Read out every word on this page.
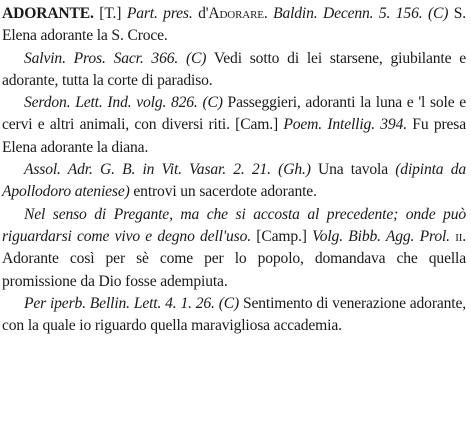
ADORANTE. [T.] Part. pres. d'Adorare. Baldin. Decenn. 5. 156. (C) S. Elena adorante la S. Croce.

Salvin. Pros. Sacr. 366. (C) Vedi sotto di lei starsene, giubilante e adorante, tutta la corte di paradiso.

Serdon. Lett. Ind. volg. 826. (C) Passeggieri, adoranti la luna e 'l sole e cervi e altri animali, con diversi riti. [Cam.] Poem. Intellig. 394. Fu presa Elena adorante la diana.

Assol. Adr. G. B. in Vit. Vasar. 2. 21. (Gh.) Una tavola (dipinta da Apollodoro ateniese) entrovi un sacerdote adorante.

Nel senso di Pregante, ma che si accosta al precedente; onde può riguardarsi come vivo e degno dell'uso. [Camp.] Volg. Bibb. Agg. Prol. ii. Adorante così per sè come per lo popolo, domandava che quella promissione da Dio fosse adempiuta.

Per iperb. Bellin. Lett. 4. 1. 26. (C) Sentimento di venerazione adorante, con la quale io riguardo quella maravigliosa accademia.
